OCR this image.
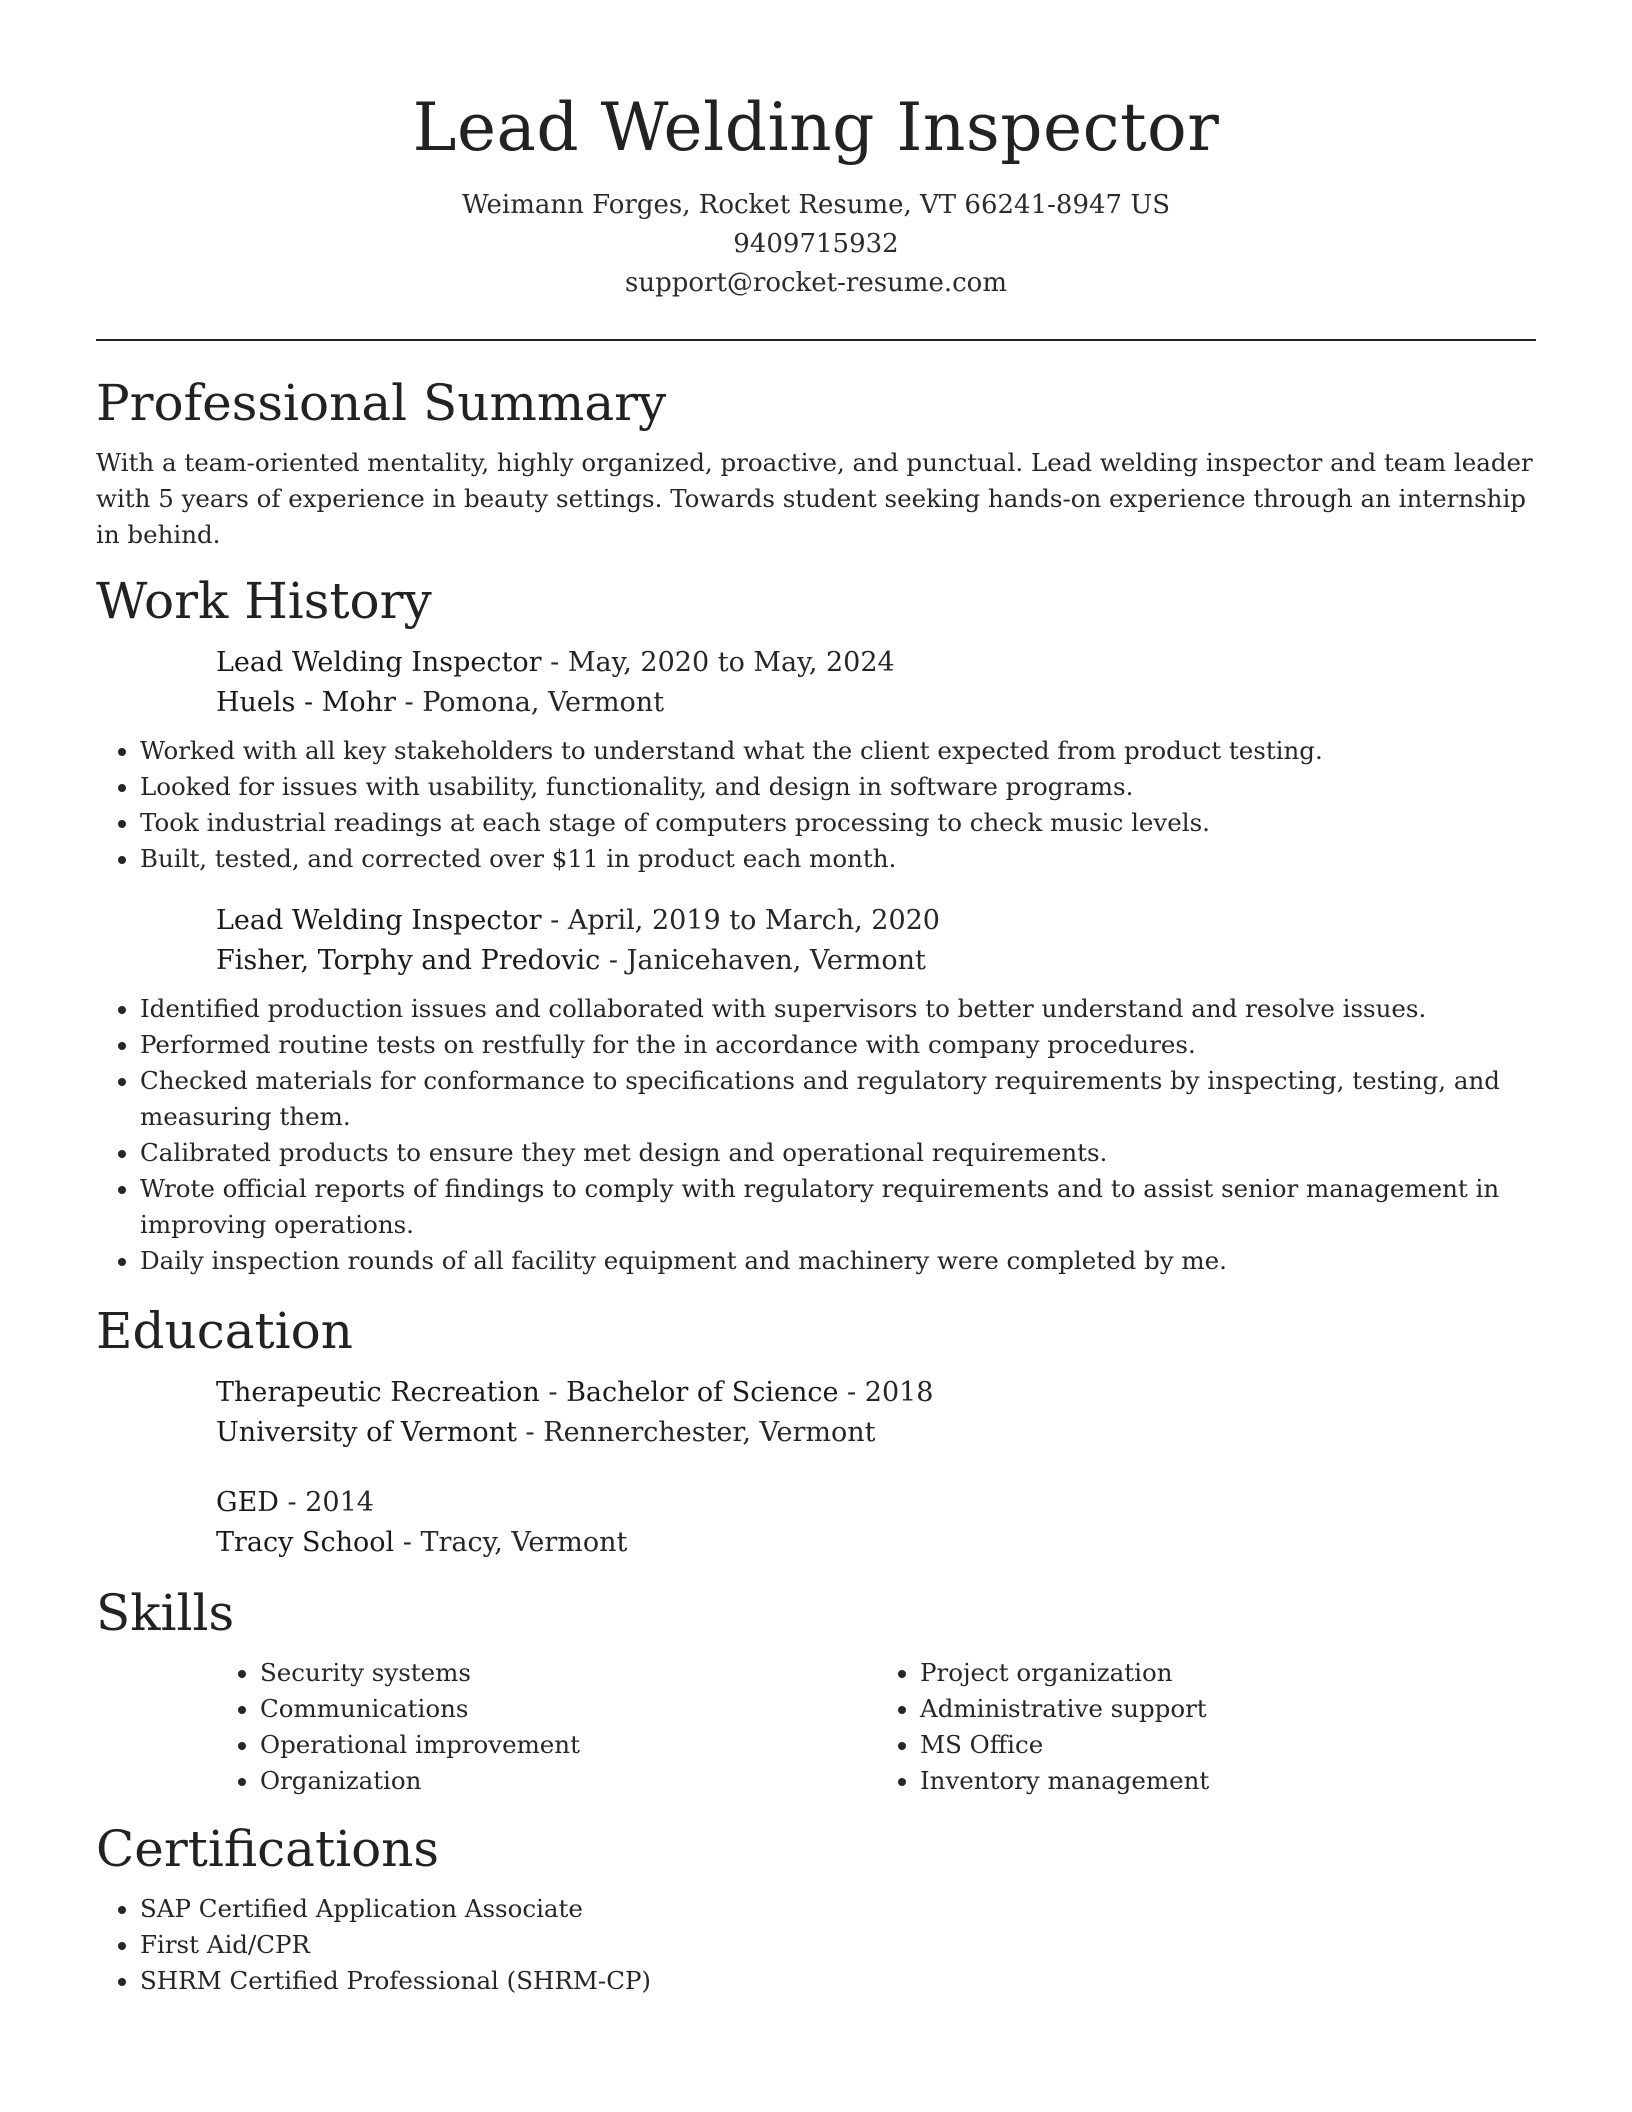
Lead Welding Inspector
Weimann Forges, Rocket Resume, VT 66241-8947 US
9409715932
support@rocket-resume.com
Professional Summary

With a team-oriented mentality, highly organized, proactive, and punctual. Lead welding inspector and team leader with 5 years of experience in beauty settings. Towards student seeking hands-on experience through an internship in behind.

Work History
Lead Welding Inspector - May, 2020 to May, 2024
Huels - Mohr - Pomona, Vermont
• Worked with all key stakeholders to understand what the client expected from product testing.
• Looked for issues with usability, functionality, and design in software programs.
• Took industrial readings at each stage of computers processing to check music levels.
• Built, tested, and corrected over $11 in product each month.
Lead Welding Inspector - April, 2019 to March, 2020
Fisher, Torphy and Predovic - Janicehaven, Vermont
• Identified production issues and collaborated with supervisors to better understand and resolve issues.
• Performed routine tests on restfully for the in accordance with company procedures.
• Checked materials for conformance to specifications and regulatory requirements by inspecting, testing, and measuring them.
• Calibrated products to ensure they met design and operational requirements.
• Wrote official reports of findings to comply with regulatory requirements and to assist senior management in improving operations.
• Daily inspection rounds of all facility equipment and machinery were completed by me.
Education
Therapeutic Recreation - Bachelor of Science - 2018
University of Vermont - Rennerchester, Vermont
GED - 2014
Tracy School - Tracy, Vermont
Skills
• Security systems
• Communications
• Operational improvement
• Organization
• Project organization
• Administrative support
• MS Office
• Inventory management
Certifications
• SAP Certified Application Associate
• First Aid/CPR
• SHRM Certified Professional (SHRM-CP)
